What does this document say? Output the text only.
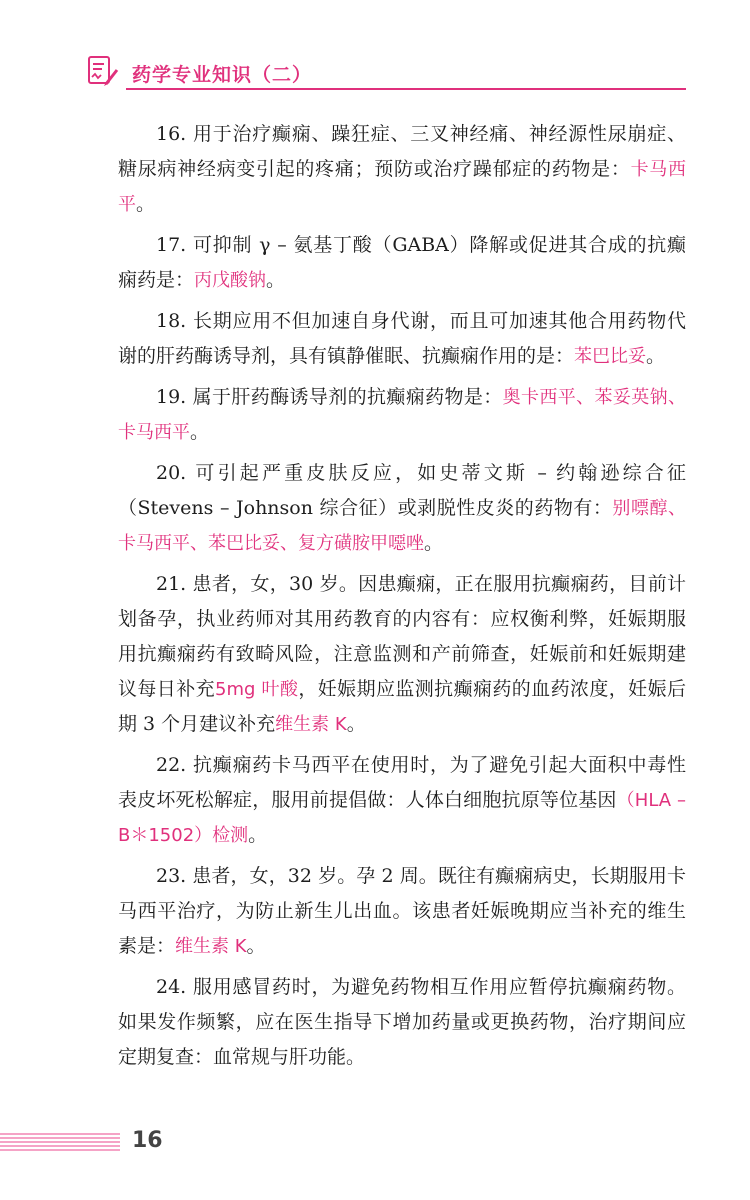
药学专业知识（二）

16. 用于治疗癫痫、躁狂症、三叉神经痛、神经源性尿崩症、糖尿病神经病变引起的疼痛；预防或治疗躁郁症的药物是：卡马西平。

17. 可抑制 γ – 氨基丁酸（GABA）降解或促进其合成的抗癫痫药是：丙戊酸钠。

18. 长期应用不但加速自身代谢，而且可加速其他合用药物代谢的肝药酶诱导剂，具有镇静催眠、抗癫痫作用的是：苯巴比妥。

19. 属于肝药酶诱导剂的抗癫痫药物是：奥卡西平、苯妥英钠、卡马西平。

20. 可引起严重皮肤反应，如史蒂文斯 – 约翰逊综合征（Stevens – Johnson 综合征）或剥脱性皮炎的药物有：别嘌醇、卡马西平、苯巴比妥、复方磺胺甲噁唑。

21. 患者，女，30 岁。因患癫痫，正在服用抗癫痫药，目前计划备孕，执业药师对其用药教育的内容有：应权衡利弊，妊娠期服用抗癫痫药有致畸风险，注意监测和产前筛查，妊娠前和妊娠期建议每日补充5mg 叶酸，妊娠期应监测抗癫痫药的血药浓度，妊娠后期 3 个月建议补充维生素 K。

22. 抗癫痫药卡马西平在使用时，为了避免引起大面积中毒性表皮坏死松解症，服用前提倡做：人体白细胞抗原等位基因（HLA – B＊1502）检测。

23. 患者，女，32 岁。孕 2 周。既往有癫痫病史，长期服用卡马西平治疗，为防止新生儿出血。该患者妊娠晚期应当补充的维生素是：维生素 K。

24. 服用感冒药时，为避免药物相互作用应暂停抗癫痫药物。如果发作频繁，应在医生指导下增加药量或更换药物，治疗期间应定期复查：血常规与肝功能。

16
